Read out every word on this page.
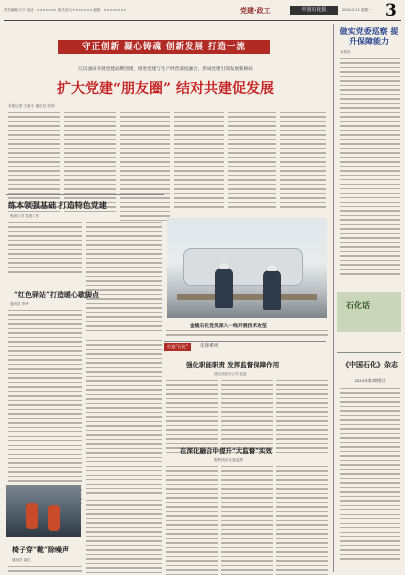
责任编辑/王兴 电话：××××××× 版式设计/××××××× 邮箱：××××××××	党建·政工	中国石化报	2024.3.11 星期一 3
守正创新 凝心铸魂 创新发展 打造一流
江汉油田开展党建品牌创建，推进党建与生产经营深度融合，形成党建引领发展新格局
扩大党建“朋友圈” 结对共建促发展
本报记者 王新宇 通讯员 张明
做实党委巡察 提升保障能力
本报讯
石化话
《中国石化》杂志
2024年第3期要目
练本领强基础 打造特色党建
集团公司 党建工作
“红色驿站”打造暖心歇脚点
通讯员 李华
椅子穿“靴”除噪声
通讯员 周红
金陵石化党员深入一线开展技术攻坚
打造“石化”	先锋系列
强化职能职责 发挥监督保障作用
西北油田分公司 纪委
在深化融合中提升“大监督”实效
胜利油田 纪检监察
